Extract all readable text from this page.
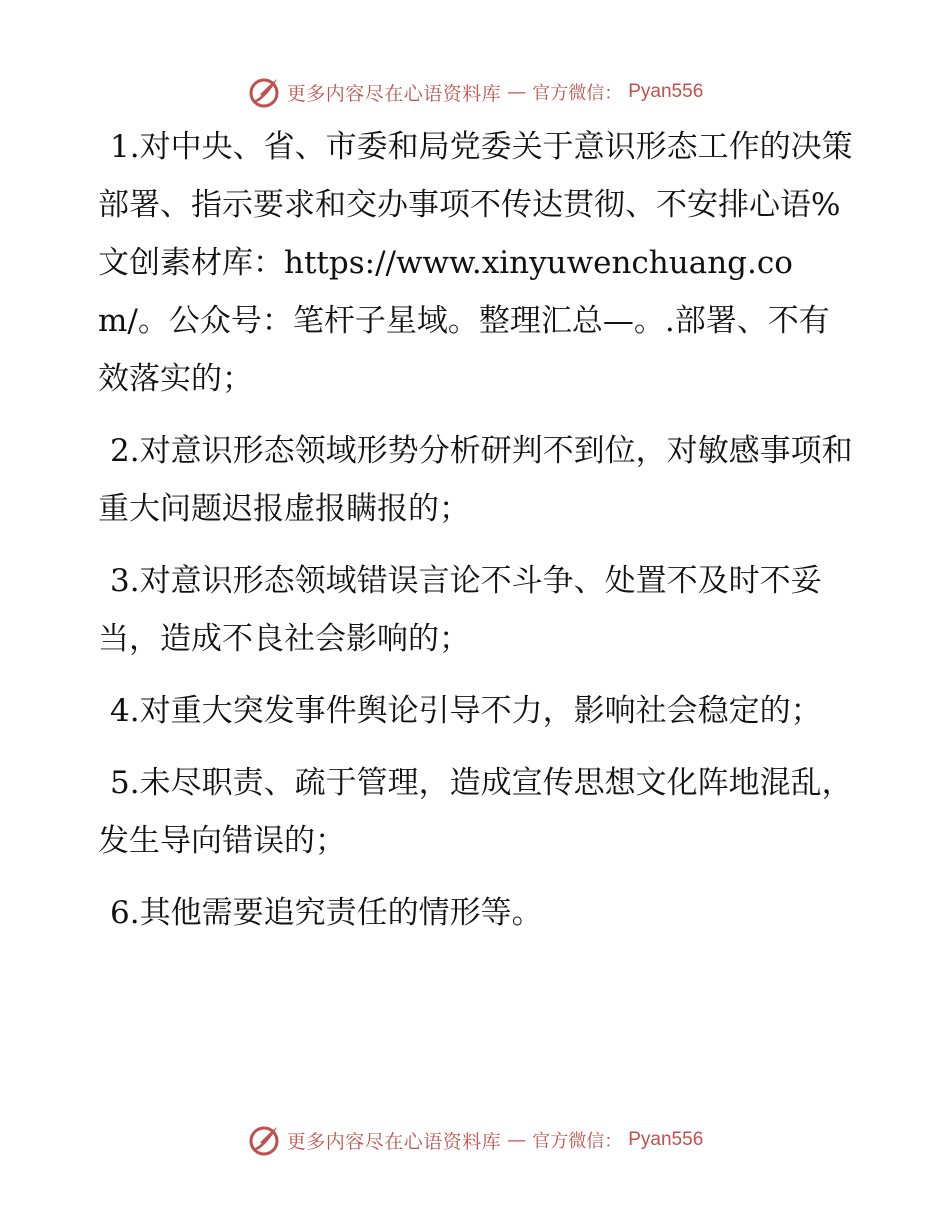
更多内容尽在心语资料库 — 官方微信： Pyan556

1.对中央、省、市委和局党委关于意识形态工作的决策部署、指示要求和交办事项不传达贯彻、不安排心语%文创素材库：https://www.xinyuwenchuang.com/。公众号：笔杆子星域。整理汇总—。.部署、不有效落实的；

2.对意识形态领域形势分析研判不到位，对敏感事项和重大问题迟报虚报瞒报的；

3.对意识形态领域错误言论不斗争、处置不及时不妥当，造成不良社会影响的；

4.对重大突发事件舆论引导不力，影响社会稳定的；

5.未尽职责、疏于管理，造成宣传思想文化阵地混乱，发生导向错误的；

6.其他需要追究责任的情形等。

更多内容尽在心语资料库 — 官方微信： Pyan556
